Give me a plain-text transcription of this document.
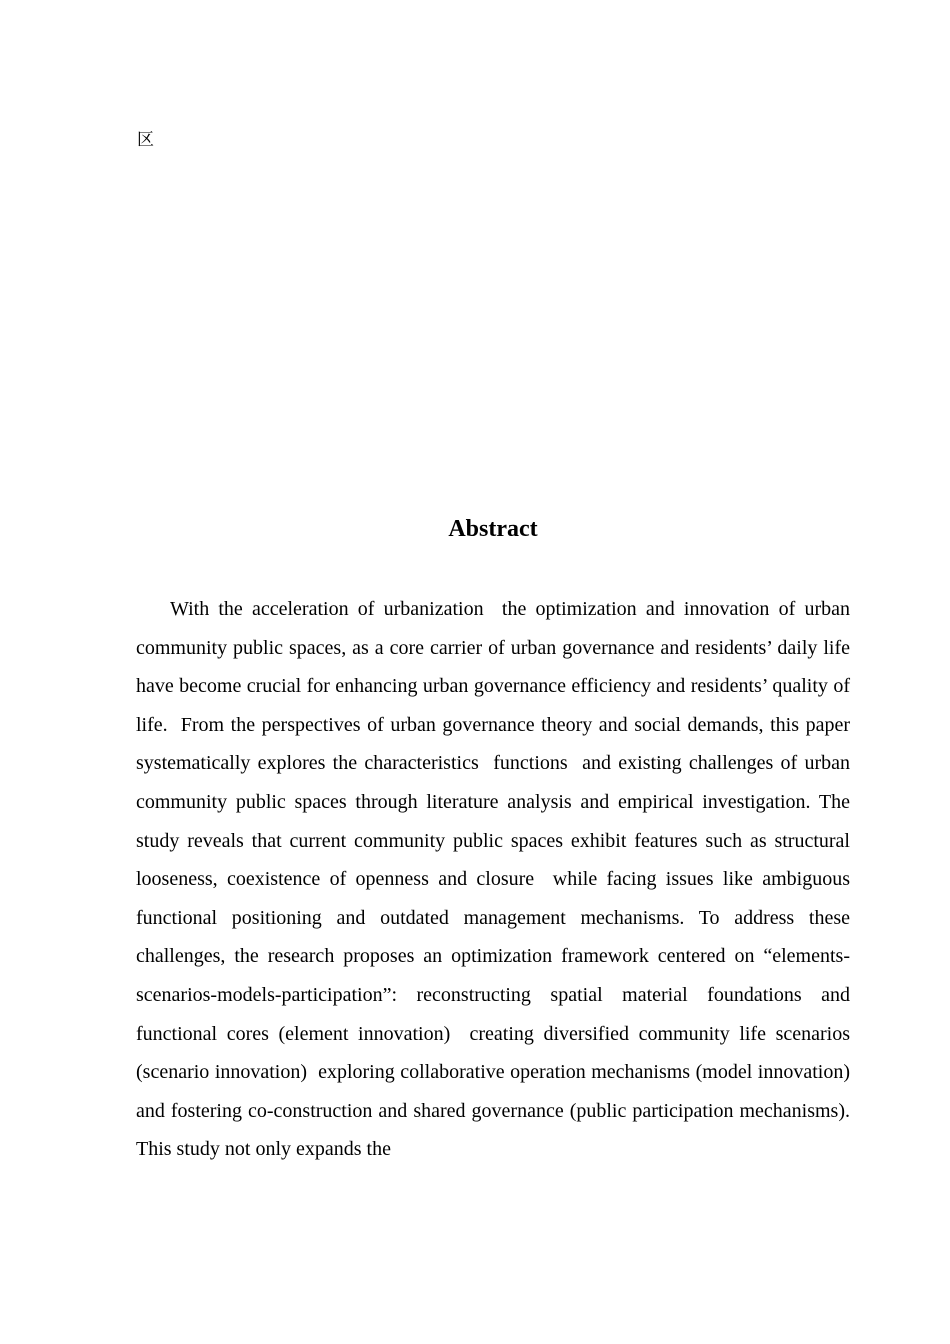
区
Abstract

With the acceleration of urbanization  the optimization and innovation of urban community public spaces, as a core carrier of urban governance and residents’ daily life  have become crucial for enhancing urban governance efficiency and residents’ quality of life.  From the perspectives of urban governance theory and social demands, this paper systematically explores the characteristics  functions  and existing challenges of urban community public spaces through literature analysis and empirical investigation. The study reveals that current community public spaces exhibit features such as structural looseness, coexistence of openness and closure  while facing issues like ambiguous functional positioning and outdated management mechanisms. To address these challenges, the research proposes an optimization framework centered on “elements-scenarios-models-participation”: reconstructing spatial material foundations and functional cores (element innovation)  creating diversified community life scenarios (scenario innovation)  exploring collaborative operation mechanisms (model innovation)  and fostering co-construction and shared governance (public participation mechanisms). This study not only expands the
